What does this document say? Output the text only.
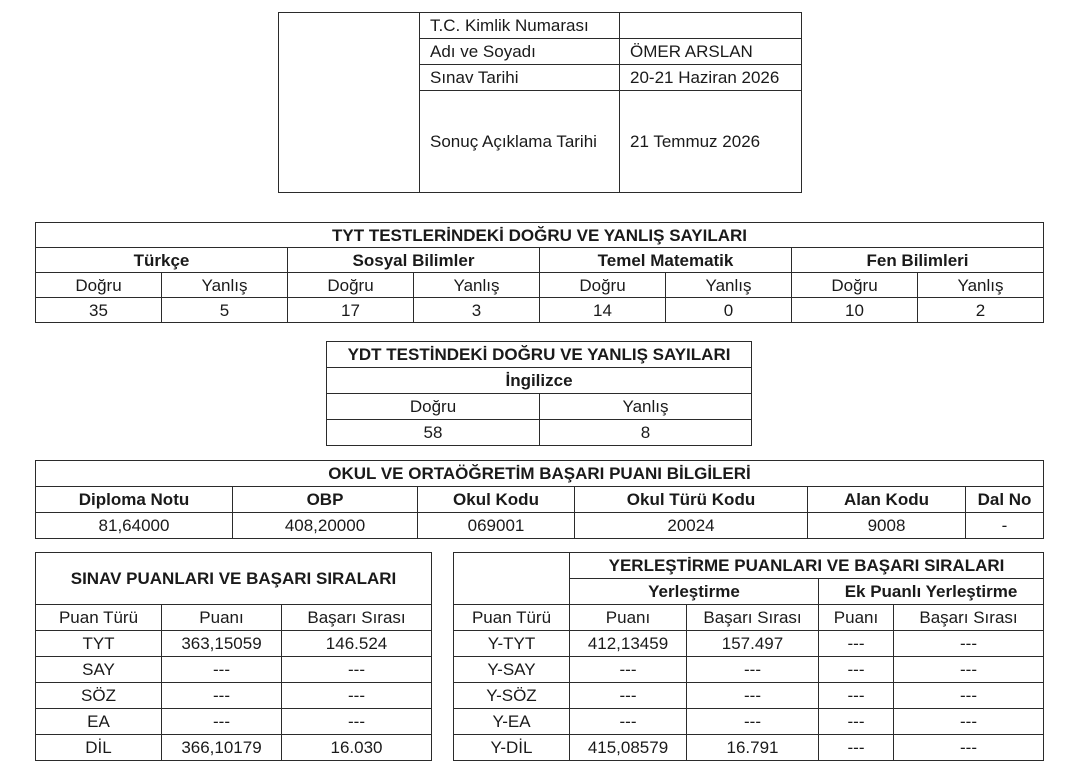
	T.C. Kimlik Numarası	
	Adı ve Soyadı	ÖMER ARSLAN
	Sınav Tarihi	20-21 Haziran 2026
	Sonuç Açıklama Tarihi	21 Temmuz 2026
TYT TESTLERİNDEKİ DOĞRU VE YANLIŞ SAYILARI							
Türkçe		Sosyal Bilimler		Temel Matematik		Fen Bilimleri	
Doğru	Yanlış	Doğru	Yanlış	Doğru	Yanlış	Doğru	Yanlış
35	5	17	3	14	0	10	2
YDT TESTİNDEKİ DOĞRU VE YANLIŞ SAYILARI	
İngilizce	
Doğru	Yanlış
58	8
OKUL VE ORTAÖĞRETİM BAŞARI PUANI BİLGİLERİ					
Diploma Notu	OBP	Okul Kodu	Okul Türü Kodu	Alan Kodu	Dal No
81,64000	408,20000	069001	20024	9008	-
SINAV PUANLARI VE BAŞARI SIRALARI		
Puan Türü	Puanı	Başarı Sırası
TYT	363,15059	146.524
SAY	---	---
SÖZ	---	---
EA	---	---
DİL	366,10179	16.030
	YERLEŞTİRME PUANLARI VE BAŞARI SIRALARI			
	Yerleştirme		Ek Puanlı Yerleştirme	
Puan Türü	Puanı	Başarı Sırası	Puanı	Başarı Sırası
Y-TYT	412,13459	157.497	---	---
Y-SAY	---	---	---	---
Y-SÖZ	---	---	---	---
Y-EA	---	---	---	---
Y-DİL	415,08579	16.791	---	---
